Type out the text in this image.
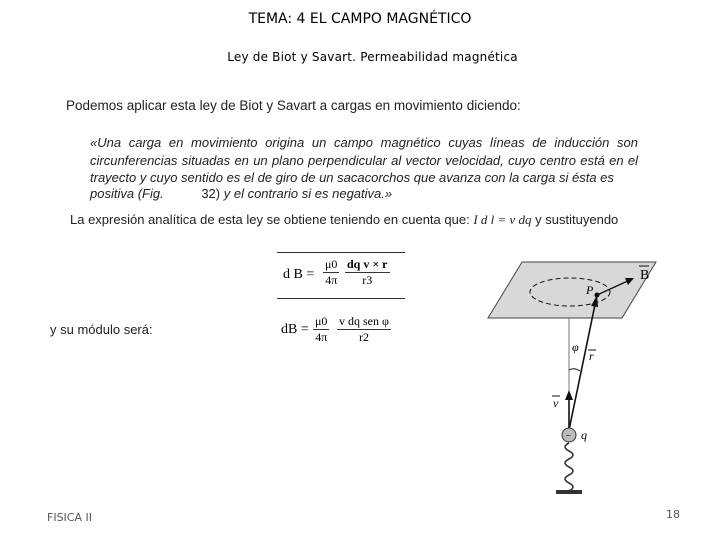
TEMA: 4 EL CAMPO MAGNÉTICO
Ley de Biot y Savart. Permeabilidad magnética
Podemos aplicar esta ley de Biot y Savart a cargas en movimiento diciendo:
«Una carga en movimiento origina un campo magnético cuyas líneas de inducción son circunferencias situadas en un plano perpendicular al vector velocidad, cuyo centro está en el trayecto y cuyo sentido es el de giro de un sacacorchos que avanza con la carga si ésta es
positiva (Fig.	32) y el contrario si es negativa.»
La expresión analítica de esta ley se obtiene teniendo en cuenta que: I d l = v dq y sustituyendo
d $B = \frac{\mu 0}{4\pi} \frac{\text{dq v × r}}{r3}$
y su módulo será:	dB = $\frac{\mu 0}{4\pi}$ v dq sen φ
r2
B
P
φ
r
v
q
−
FISICA II	18
